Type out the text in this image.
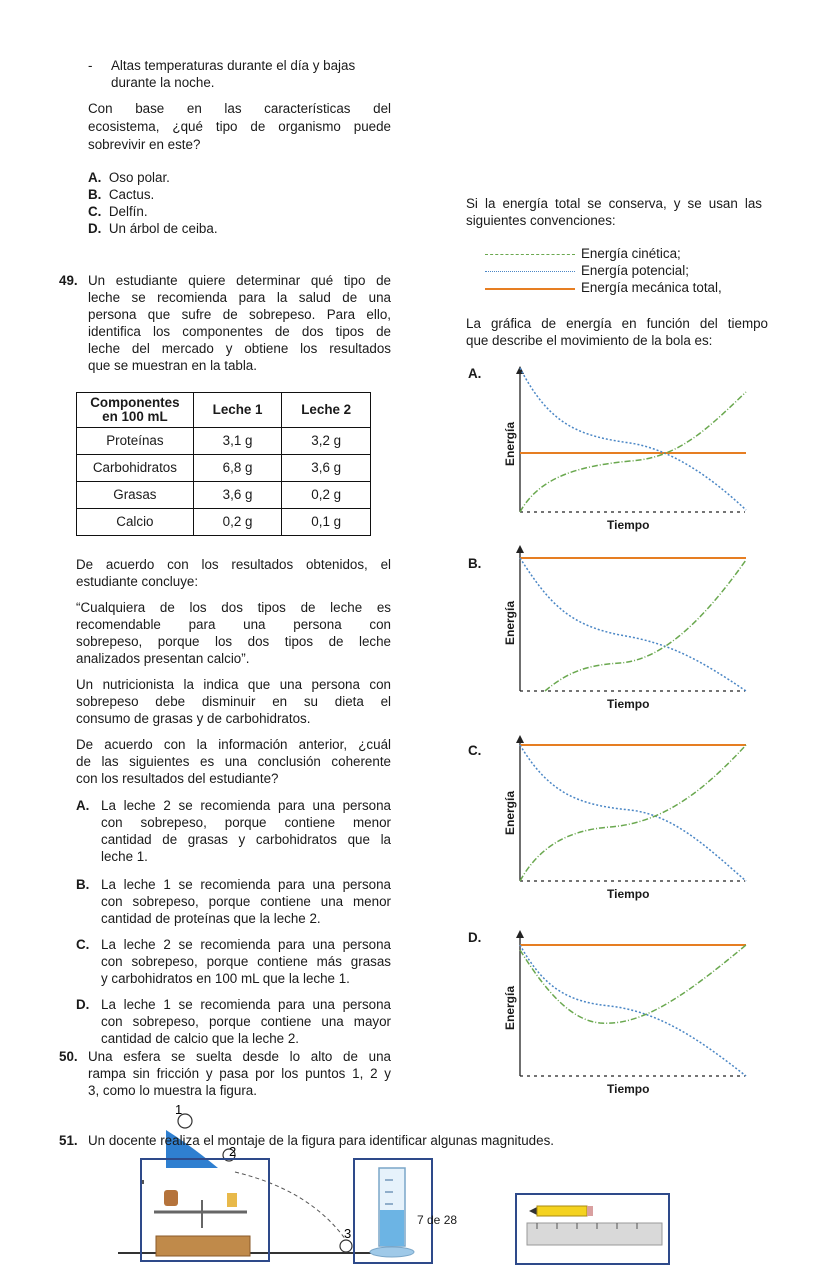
- Altas temperaturas durante el día y bajas
durante la noche.
Con base en las características del
ecosistema, ¿qué tipo de organismo puede
sobrevivir en este?
A. Oso polar.
B. Cactus.
C. Delfín.
D. Un árbol de ceiba.
49. Un estudiante quiere determinar qué tipo de
leche se recomienda para la salud de una
persona que sufre de sobrepeso. Para ello,
identifica los componentes de dos tipos de
leche del mercado y obtiene los resultados
que se muestran en la tabla.
Componentes
en 100 mL	Leche 1	Leche 2
Proteínas	3,1 g	3,2 g
Carbohidratos	6,8 g	3,6 g
Grasas	3,6 g	0,2 g
Calcio	0,2 g	0,1 g
De acuerdo con los resultados obtenidos, el
estudiante concluye:
“Cualquiera de los dos tipos de leche es
recomendable para una persona con
sobrepeso, porque los dos tipos de leche
analizados presentan calcio”.
Un nutricionista la indica que una persona con
sobrepeso debe disminuir en su dieta el
consumo de grasas y de carbohidratos.
De acuerdo con la información anterior, ¿cuál
de las siguientes es una conclusión coherente
con los resultados del estudiante?
A. La leche 2 se recomienda para una persona
con sobrepeso, porque contiene menor
cantidad de grasas y carbohidratos que la
leche 1.
B. La leche 1 se recomienda para una persona
con sobrepeso, porque contiene una menor
cantidad de proteínas que la leche 2.
C. La leche 2 se recomienda para una persona
con sobrepeso, porque contiene más grasas
y carbohidratos en 100 mL que la leche 1.
D. La leche 1 se recomienda para una persona
con sobrepeso, porque contiene una mayor
cantidad de calcio que la leche 2.
50. Una esfera se suelta desde lo alto de una
rampa sin fricción y pasa por los puntos 1, 2 y
3, como lo muestra la figura.
1
2
3
51. Un docente realiza el montaje de la figura para identificar algunas magnitudes.
7 de 28
Si la energía total se conserva, y se usan las
siguientes convenciones:
Energía cinética;
Energía potencial;
Energía mecánica total,
La gráfica de energía en función del tiempo
que describe el movimiento de la bola es:
A.
B.
C.
D.
Energía
Tiempo
Energía
Tiempo
Energía
Tiempo
Energía
Tiempo
